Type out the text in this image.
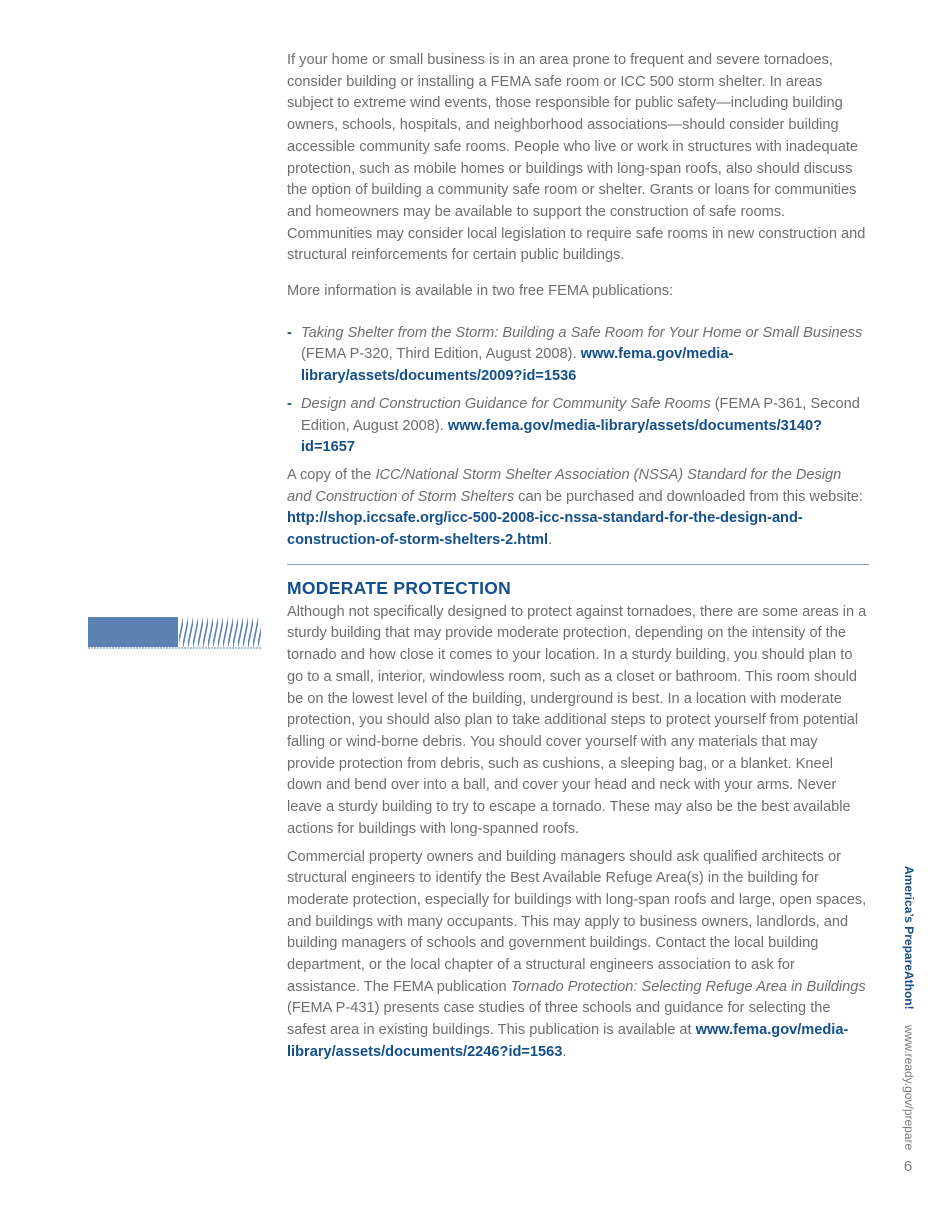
If your home or small business is in an area prone to frequent and severe tornadoes, consider building or installing a FEMA safe room or ICC 500 storm shelter. In areas subject to extreme wind events, those responsible for public safety—including building owners, schools, hospitals, and neighborhood associations—should consider building accessible community safe rooms. People who live or work in structures with inadequate protection, such as mobile homes or buildings with long-span roofs, also should discuss the option of building a community safe room or shelter. Grants or loans for communities and homeowners may be available to support the construction of safe rooms. Communities may consider local legislation to require safe rooms in new construction and structural reinforcements for certain public buildings.

More information is available in two free FEMA publications:

- Taking Shelter from the Storm: Building a Safe Room for Your Home or Small Business (FEMA P-320, Third Edition, August 2008). www.fema.gov/media-library/assets/documents/2009?id=1536
- Design and Construction Guidance for Community Safe Rooms (FEMA P-361, Second Edition, August 2008). www.fema.gov/media-library/assets/documents/3140?id=1657

A copy of the ICC/National Storm Shelter Association (NSSA) Standard for the Design and Construction of Storm Shelters can be purchased and downloaded from this website: http://shop.iccsafe.org/icc-500-2008-icc-nssa-standard-for-the-design-and-construction-of-storm-shelters-2.html.

MODERATE PROTECTION

Although not specifically designed to protect against tornadoes, there are some areas in a sturdy building that may provide moderate protection, depending on the intensity of the tornado and how close it comes to your location. In a sturdy building, you should plan to go to a small, interior, windowless room, such as a closet or bathroom. This room should be on the lowest level of the building, underground is best. In a location with moderate protection, you should also plan to take additional steps to protect yourself from potential falling or wind-borne debris. You should cover yourself with any materials that may provide protection from debris, such as cushions, a sleeping bag, or a blanket. Kneel down and bend over into a ball, and cover your head and neck with your arms. Never leave a sturdy building to try to escape a tornado. These may also be the best available actions for buildings with long-spanned roofs.

Commercial property owners and building managers should ask qualified architects or structural engineers to identify the Best Available Refuge Area(s) in the building for moderate protection, especially for buildings with long-span roofs and large, open spaces, and buildings with many occupants. This may apply to business owners, landlords, and building managers of schools and government buildings. Contact the local building department, or the local chapter of a structural engineers association to ask for assistance. The FEMA publication Tornado Protection: Selecting Refuge Area in Buildings (FEMA P-431) presents case studies of three schools and guidance for selecting the safest area in existing buildings. This publication is available at www.fema.gov/media-library/assets/documents/2246?id=1563.

America’s PrepareAthon! www.ready.gov/prepare
6
